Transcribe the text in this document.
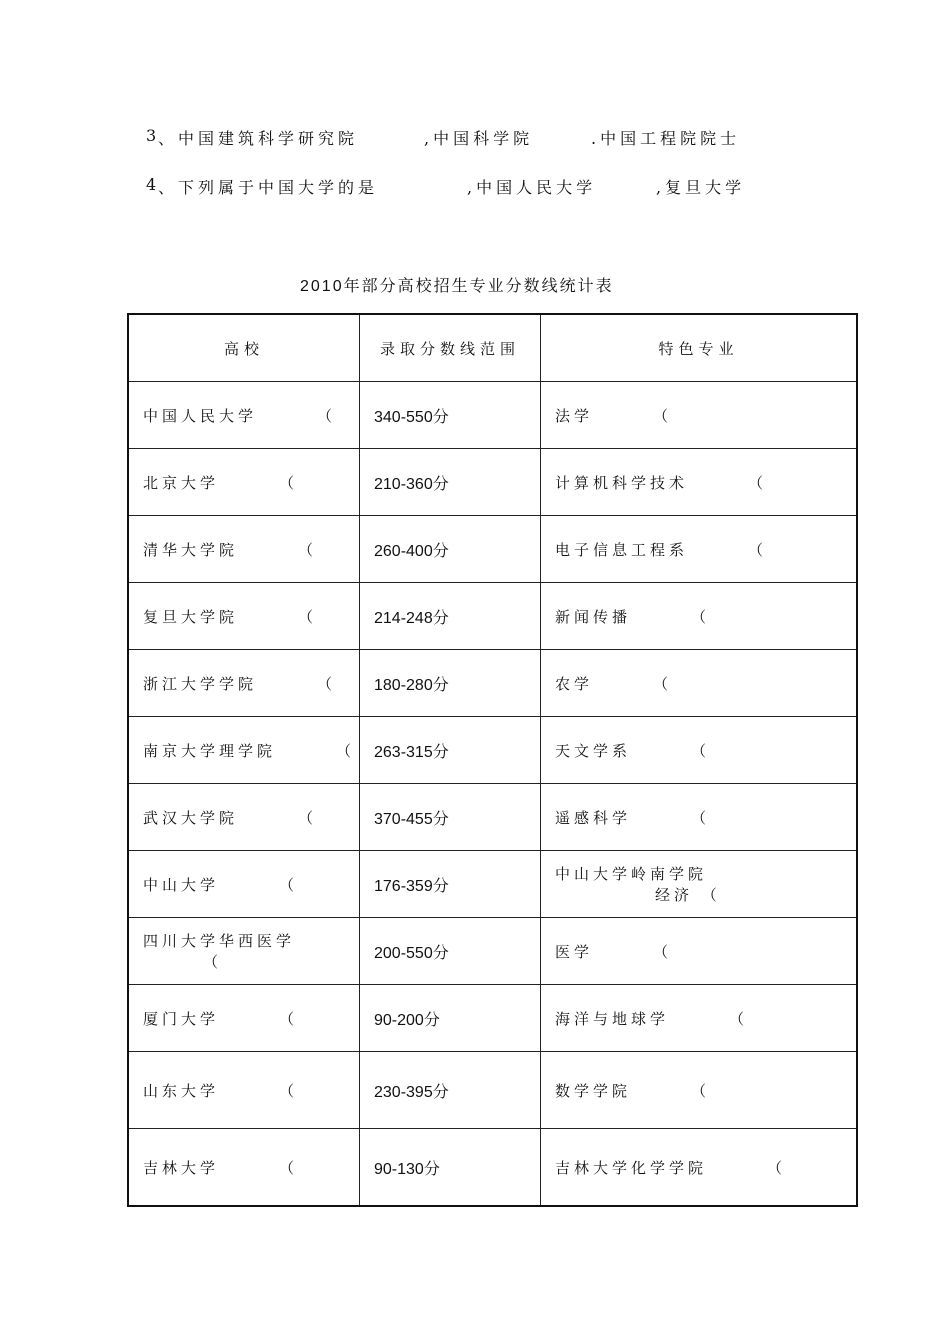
3
、中国建筑科学研究院	,中国科学院	.中国工程院院士
4
、下列属于中国大学的是	,中国人民大学	,复旦大学
2010年部分高校招生专业分数线统计表
高校	录取分数线范围	特色专业
中国人民大学 （	340-550分	法学 （
北京大学 （	210-360分	计算机科学技术 （
清华大学院 （	260-400分	电子信息工程系 （
复旦大学院 （	214-248分	新闻传播 （
浙江大学学院 （	180-280分	农学 （
南京大学理学院 （	263-315分	天文学系 （
武汉大学院 （	370-455分	遥感科学 （
中山大学 （	176-359分	中山大学岭南学院经济 （
四川大学华西医学（	200-550分	医学 （
厦门大学 （	90-200分	海洋与地球学 （
山东大学 （	230-395分	数学学院 （
吉林大学 （	90-130分	吉林大学化学学院 （
